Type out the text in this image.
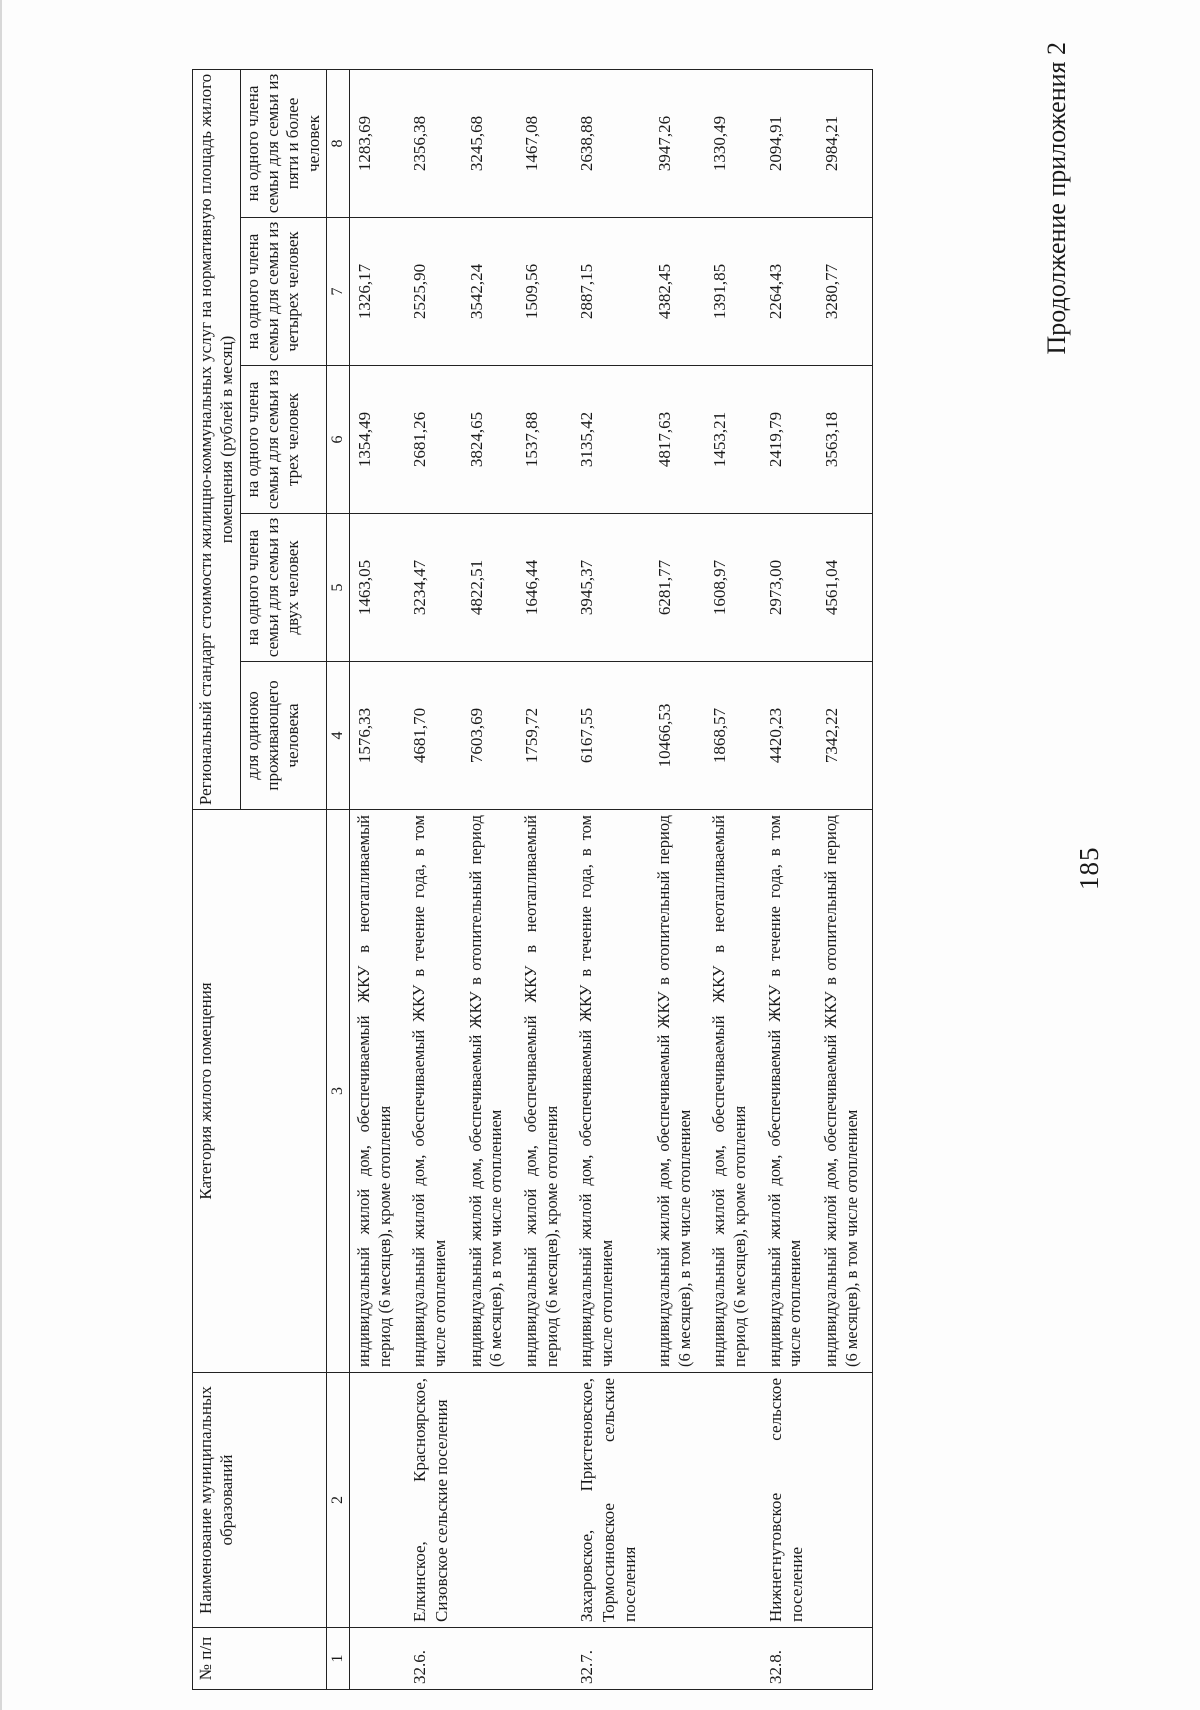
185
Продолжение приложения 2
№ п/п	Наименование муниципальных образований	Категория жилого помещения	Региональный стандарт стоимости жилищно-коммунальных услуг на нормативную площадь жилого помещения (рублей в месяц)				
			для одиноко проживающего человека	на одного члена семьи для семьи из двух человек	на одного члена семьи для семьи из трех человек	на одного члена семьи для семьи из четырех человек	на одного члена семьи для семьи из пяти и более человек
1	2	3	4	5	6	7	8
		индивидуальный жилой дом, обеспечиваемый ЖКУ в неотапливаемый период (6 месяцев), кроме отопления	1576,33	1463,05	1354,49	1326,17	1283,69
32.6.	Елкинское, Красноярское, Сизовское сельские поселения	индивидуальный жилой дом, обеспечиваемый ЖКУ в течение года, в том числе отоплением	4681,70	3234,47	2681,26	2525,90	2356,38
		индивидуальный жилой дом, обеспечиваемый ЖКУ в отопительный период (6 месяцев), в том числе отоплением	7603,69	4822,51	3824,65	3542,24	3245,68
		индивидуальный жилой дом, обеспечиваемый ЖКУ в неотапливаемый период (6 месяцев), кроме отопления	1759,72	1646,44	1537,88	1509,56	1467,08
32.7.	Захаровское, Пристеновское, Тормосиновское сельские поселения	индивидуальный жилой дом, обеспечиваемый ЖКУ в течение года, в том числе отоплением	6167,55	3945,37	3135,42	2887,15	2638,88
		индивидуальный жилой дом, обеспечиваемый ЖКУ в отопительный период (6 месяцев), в том числе отоплением	10466,53	6281,77	4817,63	4382,45	3947,26
		индивидуальный жилой дом, обеспечиваемый ЖКУ в неотапливаемый период (6 месяцев), кроме отопления	1868,57	1608,97	1453,21	1391,85	1330,49
32.8.	Нижнегнутовское сельское поселение	индивидуальный жилой дом, обеспечиваемый ЖКУ в течение года, в том числе отоплением	4420,23	2973,00	2419,79	2264,43	2094,91
		индивидуальный жилой дом, обеспечиваемый ЖКУ в отопительный период (6 месяцев), в том числе отоплением	7342,22	4561,04	3563,18	3280,77	2984,21
